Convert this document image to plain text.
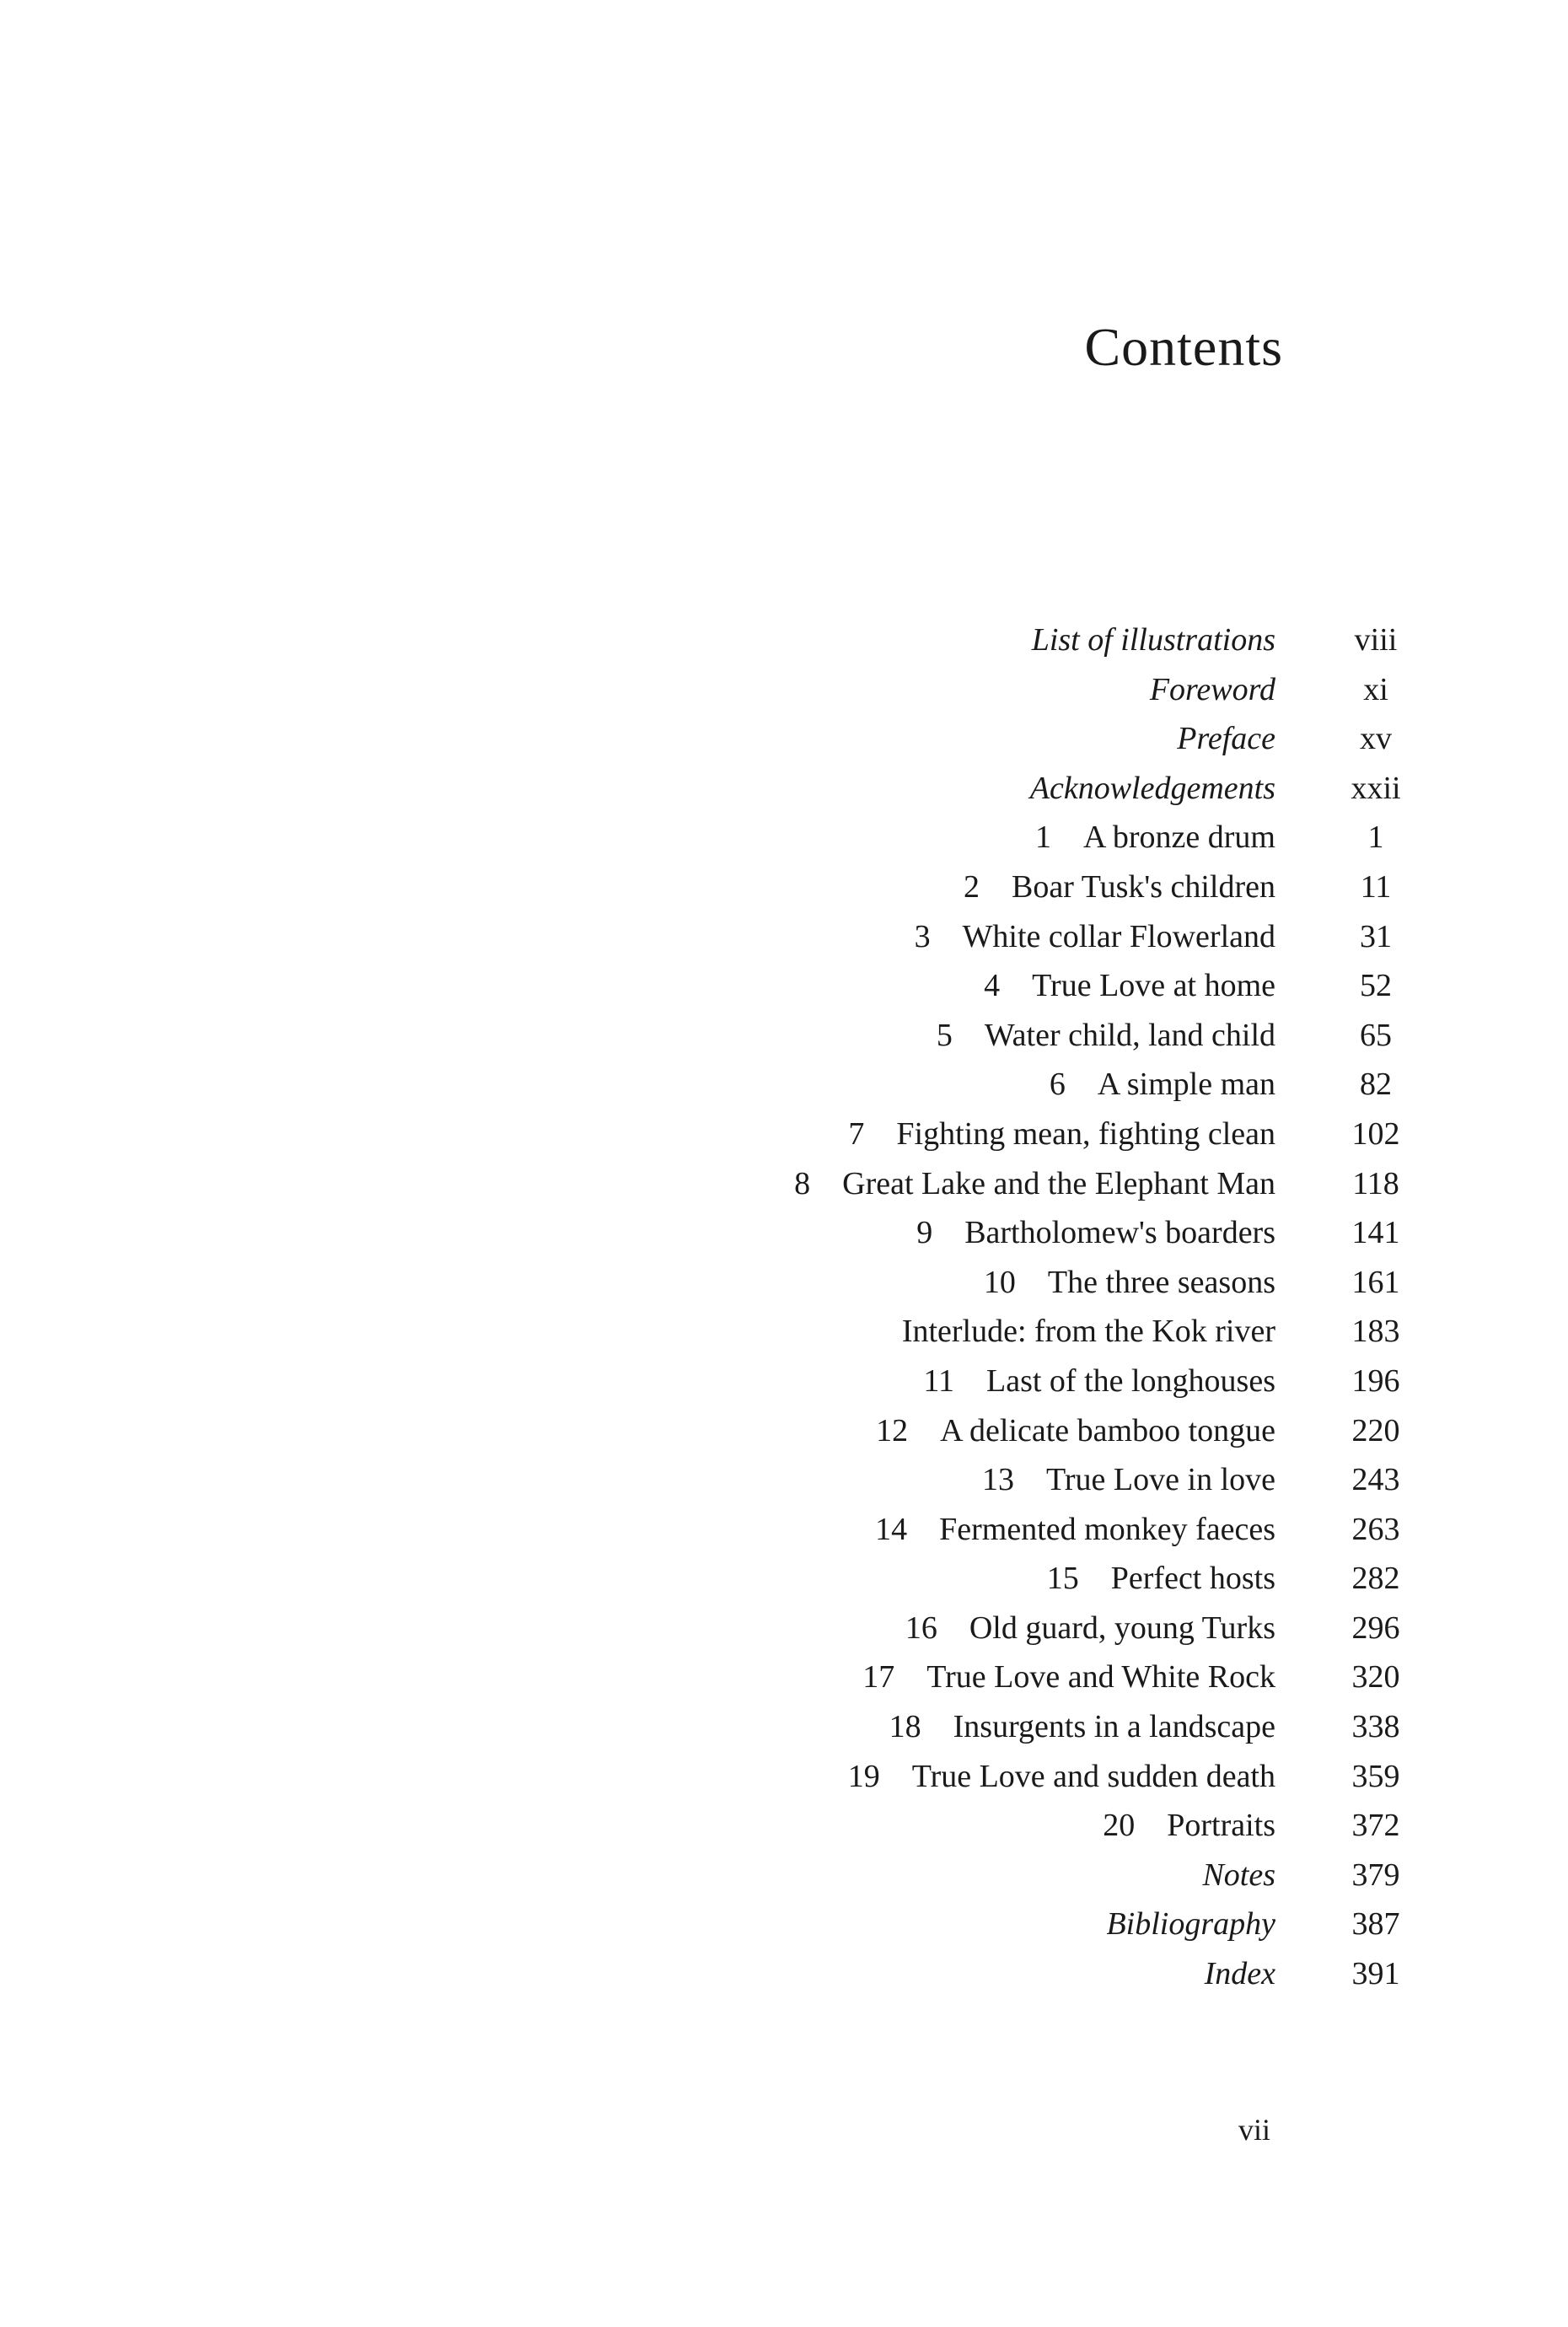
Contents
List of illustrations viii
Foreword	xi
Preface	xv
Acknowledgements xxii
1 A bronze drum	1
2 Boar Tusk's children	11
3 White collar Flowerland	31
4 True Love at home	52
5 Water child, land child	65
6 A simple man	82
7 Fighting mean, fighting clean 102
8 Great Lake and the Elephant Man 118
9 Bartholomew's boarders 141
10 The three seasons 161
Interlude: from the Kok river 183
11 Last of the longhouses 196
12 A delicate bamboo tongue 220
13 True Love in love 243
14 Fermented monkey faeces 263
15 Perfect hosts 282
16 Old guard, young Turks 296
17 True Love and White Rock 320
18 Insurgents in a landscape 338
19 True Love and sudden death 359
20 Portraits 372
Notes 379
Bibliography 387
Index 391
vii
